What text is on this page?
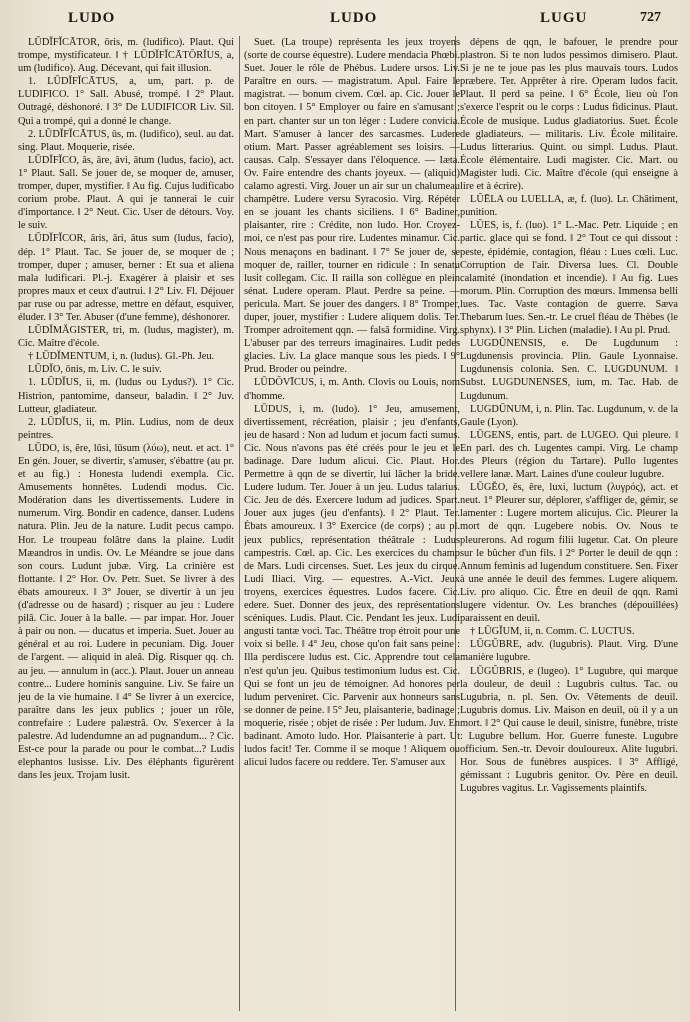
LUDO	LUDO	LUGU	727

LŪDĬFĬCĀTOR, ōris, m. (ludifico). Plaut. Qui trompe, mystificateur. ‖ † LŪDĬFĬCĀTŌRĬUS, a, um (ludifico). Aug. Décevant, qui fait illusion.

1. LŪDĬFĬCĀTUS, a, um, part. p. de LUDIFICO. 1° Sall. Abusé, trompé. ‖ 2° Plaut. Outragé, déshonoré. ‖ 3° De LUDIFICOR Liv. Sil. Qui a trompé, qui a donné le change.

2. LŪDĬFĬCĀTUS, ūs, m. (ludifico), seul. au dat. sing. Plaut. Moquerie, risée.

LŪDĬFĬCO, ās, āre, āvi, ātum (ludus, facio), act. 1° Plaut. Sall. Se jouer de, se moquer de, amuser, tromper, duper, mystifier. ‖ Au fig. Cujus ludificabo corium probe. Plaut. A qui je tannerai le cuir d'importance. ‖ 2° Neut. Cic. User de détours. Voy. le suiv.

LŪDĬFĬCOR, āris, āri, ātus sum (ludus, facio), dép. 1° Plaut. Tac. Se jouer de, se moquer de ; tromper, duper ; amuser, berner : Et sua et aliena mala ludificari. Pl.-j. Exagérer à plaisir et ses propres maux et ceux d'autrui. ‖ 2° Liv. Fl. Déjouer par ruse ou par adresse, mettre en défaut, esquiver, éluder. ‖ 3° Ter. Abuser (d'une femme), déshonorer.

LŪDĬMĂGISTER, tri, m. (ludus, magister), m. Cic. Maître d'école.

† LŪDĬMENTUM, i, n. (ludus). Gl.-Ph. Jeu.

LŪDĬO, ōnis, m. Liv. C. le suiv.

1. LŪDĬUS, ii, m. (ludus ou Lydus?). 1° Cic. Histrion, pantomime, danseur, baladin. ‖ 2° Juv. Lutteur, gladiateur.

2. LŪDĬUS, ii, m. Plin. Ludius, nom de deux peintres.

LŪDO, is, ĕre, lūsi, lūsum (λύω), neut. et act. 1° En gén. Jouer, se divertir, s'amuser, s'ébattre (au pr. et au fig.) : Honesta ludendi exempla. Cic. Amusements honnêtes. Ludendi modus. Cic. Modération dans les divertissements. Ludere in numerum. Virg. Bondir en cadence, danser. Ludens natura. Plin. Jeu de la nature. Ludit pecus campo. Hor. Le troupeau folâtre dans la plaine. Ludit Mæandros in undis. Ov. Le Méandre se joue dans son cours. Ludunt jubæ. Virg. La crinière est flottante. ‖ 2° Hor. Ov. Petr. Suet. Se livrer à des ébats amoureux. ‖ 3° Jouer, se divertir à un jeu (d'adresse ou de hasard) ; risquer au jeu : Ludere pilâ. Cic. Jouer à la balle. — par impar. Hor. Jouer à pair ou non. — ducatus et imperia. Suet. Jouer au général et au roi. Ludere in pecuniam. Dig. Jouer de l'argent. — aliquid in aleâ. Dig. Risquer qq. ch. au jeu. — annulum in (acc.). Plaut. Jouer un anneau contre... Ludere hominis sanguine. Liv. Se faire un jeu de la vie humaine. ‖ 4° Se livrer à un exercice, paraître dans les jeux publics ; jouer un rôle, contrefaire : Ludere palæstrâ. Ov. S'exercer à la palestre. Ad ludendumne an ad pugnandum... ? Cic. Est-ce pour la parade ou pour le combat...? Ludis elephantos lusisse. Liv. Des éléphants figurèrent dans les jeux. Trojam lusit.

Suet. (La troupe) représenta les jeux troyens (sorte de course équestre). Ludere mendacia Phœbi. Suet. Jouer le rôle de Phébus. Ludere ursos. Liv. Paraître en ours. — magistratum. Apul. Faire le magistrat. — bonum civem. Cœl. ap. Cic. Jouer le bon citoyen. ‖ 5° Employer ou faire en s'amusant ; en part. chanter sur un ton léger : Ludere convicia. Mart. S'amuser à lancer des sarcasmes. Ludere otium. Mart. Passer agréablement ses loisirs. — causas. Calp. S'essayer dans l'éloquence. — Iæta. Ov. Faire entendre des chants joyeux. — (aliquid) calamo agresti. Virg. Jouer un air sur un chalumeau champêtre. Ludere versu Syracosio. Virg. Répéter en se jouant les chants siciliens. ‖ 6° Badiner, plaisanter, rire : Crédite, non ludo. Hor. Croyez-moi, ce n'est pas pour rire. Ludentes minamur. Cic. Nous menaçons en badinant. ‖ 7° Se jouer de, se moquer de, railler, tourner en ridicule : In senatu lusit collegam. Cic. Il railla son collègue en plein sénat. Ludere operam. Plaut. Perdre sa peine. — pericula. Mart. Se jouer des dangers. ‖ 8° Tromper, duper, jouer, mystifier : Ludere aliquem dolis. Ter. Tromper adroitement qqn. — falsâ formidine. Virg. L'abuser par des terreurs imaginaires. Ludit pedes glacies. Liv. La glace manque sous les pieds. ‖ 9° Prud. Broder ou peindre.

LŪDŎVĪCUS, i, m. Anth. Clovis ou Louis, nom d'homme.

LŪDUS, i, m. (ludo). 1° Jeu, amusement, divertissement, récréation, plaisir ; jeu d'enfants, jeu de hasard : Non ad ludum et jocum facti sumus. Cic. Nous n'avons pas été créés pour le jeu et le badinage. Dare ludum alicui. Cic. Plaut. Hor. Permettre à qqn de se divertir, lui lâcher la bride. Ludere ludum. Ter. Jouer à un jeu. Ludus talarius. Cic. Jeu de dés. Exercere ludum ad judices. Spart. Jouer aux juges (jeu d'enfants). ‖ 2° Plaut. Ter. Ébats amoureux. ‖ 3° Exercice (de corps) ; au pl. jeux publics, représentation théâtrale : Ludus campestris. Cœl. ap. Cic. Les exercices du champ de Mars. Ludi circenses. Suet. Les jeux du cirque. Ludi Iliaci. Virg. — equestres. A.-Vict. Jeux troyens, exercices équestres. Ludos facere. Cic. edere. Suet. Donner des jeux, des représentations scéniques. Ludis. Plaut. Cic. Pendant les jeux. Ludi angusti tantæ voci. Tac. Théâtre trop étroit pour une voix si belle. ‖ 4° Jeu, chose qu'on fait sans peine : Illa perdiscere ludus est. Cic. Apprendre tout cela n'est qu'un jeu. Quibus testimonium ludus est. Cic. Qui se font un jeu de témoigner. Ad honores per ludum perveniret. Cic. Parvenir aux honneurs sans se donner de peine. ‖ 5° Jeu, plaisanterie, badinage ; moquerie, risée ; objet de risée : Per ludum. Juv. En badinant. Amoto ludo. Hor. Plaisanterie à part. Ut ludos facit! Ter. Comme il se moque ! Aliquem ou alicui ludos facere ou reddere. Ter. S'amuser aux

dépens de qqn, le bafouer, le prendre pour plastron. Si te non ludos pessimos dimisero. Plaut. Si je ne te joue pas les plus mauvais tours. Ludos præbere. Ter. Apprêter à rire. Operam ludos facit. Plaut. Il perd sa peine. ‖ 6° École, lieu où l'on s'exerce l'esprit ou le corps : Ludus fidicinus. Plaut. École de musique. Ludus gladiatorius. Suet. École de gladiateurs. — militaris. Liv. École militaire. Ludus litterarius. Quint. ou simpl. Ludus. Plaut. École élémentaire. Ludi magister. Cic. Mart. ou Magister ludi. Cic. Maître d'école (qui enseigne à lire et à écrire).

LŬĒLA ou LUELLA, æ, f. (luo). Lr. Châtiment, punition.

LŬES, is, f. (luo). 1° L.-Mac. Petr. Liquide ; en partic. glace qui se fond. ‖ 2° Tout ce qui dissout : peste, épidémie, contagion, fléau : Lues cœli. Luc. Corruption de l'air. Diversa lues. Cl. Double calamité (inondation et incendie). ‖ Au fig. Lues morum. Plin. Corruption des mœurs. Immensa belli lues. Tac. Vaste contagion de guerre. Sæva Thebarum lues. Sen.-tr. Le cruel fléau de Thèbes (le sphynx). ‖ 3° Plin. Lichen (maladie). ‖ Au pl. Prud.

LUGDŪNENSIS, e. De Lugdunum : Lugdunensis provincia. Plin. Gaule Lyonnaise. Lugdunensis colonia. Sen. C. LUGDUNUM. ‖ Subst. LUGDUNENSES, ium, m. Tac. Hab. de Lugdunum.

LUGDŪNUM, i, n. Plin. Tac. Lugdunum, v. de la Gaule (Lyon).

LŪGENS, entis, part. de LUGEO. Qui pleure. ‖ En parl. des ch. Lugentes campi. Virg. Le champ des Pleurs (région du Tartare). Pullo lugentes vellere lanæ. Mart. Laines d'une couleur lugubre.

LŪGĔO, ēs, ēre, luxi, luctum (λυγρός), act. et neut. 1° Pleurer sur, déplorer, s'affliger de, gémir, se lamenter : Lugere mortem alicujus. Cic. Pleurer la mort de qqn. Lugebere nobis. Ov. Nous te pleurerons. Ad rogum filii lugetur. Cat. On pleure sur le bûcher d'un fils. ‖ 2° Porter le deuil de qqn : Annum feminis ad lugendum constituere. Sen. Fixer à une année le deuil des femmes. Lugere aliquem. Liv. pro aliquo. Cic. Être en deuil de qqn. Rami lugere videntur. Ov. Les branches (dépouillées) paraissent en deuil.

† LŪGĬUM, ii, n. Comm. C. LUCTUS.

LŪGŬBRE, adv. (lugubris). Plaut. Virg. D'une manière lugubre.

LŪGŬBRIS, e (lugeo). 1° Lugubre, qui marque la douleur, de deuil : Lugubris cultus. Tac. ou Lugubria, n. pl. Sen. Ov. Vêtements de deuil. Lugubris domus. Liv. Maison en deuil, où il y a un mort. ‖ 2° Qui cause le deuil, sinistre, funèbre, triste : Lugubre bellum. Hor. Guerre funeste. Lugubre officium. Sen.-tr. Devoir douloureux. Alite lugubri. Hor. Sous de funèbres auspices. ‖ 3° Affligé, gémissant : Lugubris genitor. Ov. Père en deuil. Lugubres vagitus. Lr. Vagissements plaintifs.
